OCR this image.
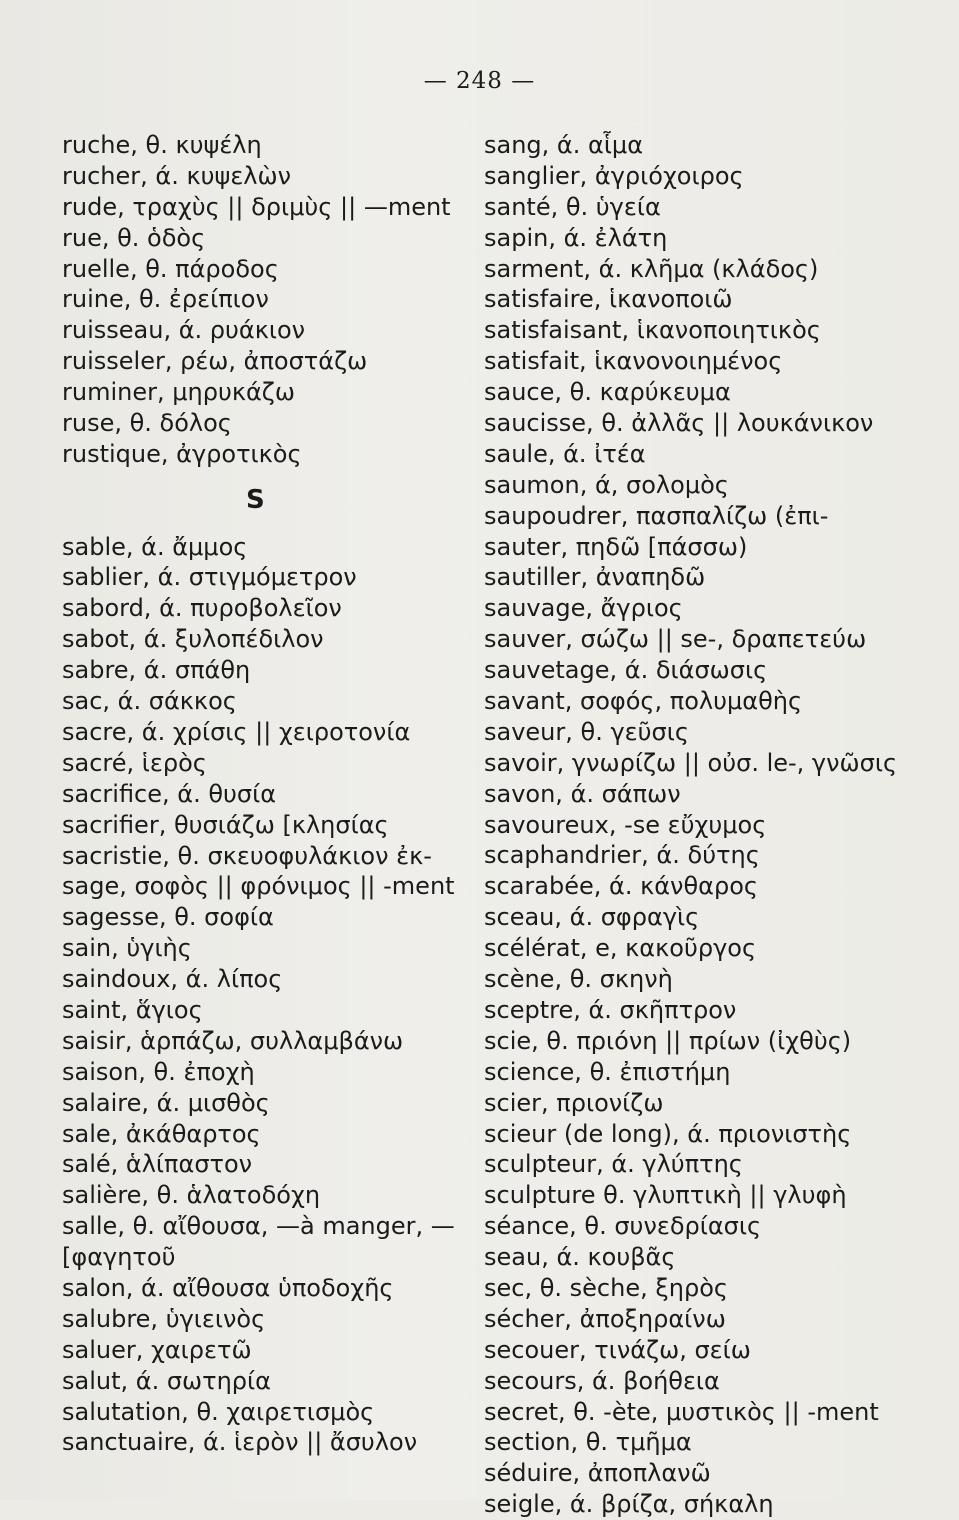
— 248 —
ruche, θ. κυψέλη
rucher, ά. κυψελὼν
rude, τραχὺς || δριμὺς || —ment
rue, θ. ὁδὸς
ruelle, θ. πάροδος
ruine, θ. ἐρείπιον
ruisseau, ά. ρυάκιον
ruisseler, ρέω, ἀποστάζω
ruminer, μηρυκάζω
ruse, θ. δόλος
rustique, ἀγροτικὸς
S
sable, ά. ἄμμος
sablier, ά. στιγμόμετρον
sabord, ά. πυροβολεῖον
sabot, ά. ξυλοπέδιλον
sabre, ά. σπάθη
sac, ά. σάκκος
sacre, ά. χρίσις || χειροτονία
sacré, ἱερὸς
sacrifice, ά. θυσία
sacrifier, θυσιάζω [κλησίας
sacristie, θ. σκευοφυλάκιον ἐκ-
sage, σοφὸς || φρόνιμος || -ment
sagesse, θ. σοφία
sain, ὑγιὴς
saindoux, ά. λίπος
saint, ἅγιος
saisir, ἁρπάζω, συλλαμβάνω
saison, θ. ἐποχὴ
salaire, ά. μισθὸς
sale, ἀκάθαρτος
salé, ἁλίπαστον
salière, θ. ἁλατοδόχη
salle, θ. αἴθουσα, —à manger, —
[φαγητοῦ
salon, ά. αἴθουσα ὑποδοχῆς
salubre, ὑγιεινὸς
saluer, χαιρετῶ
salut, ά. σωτηρία
salutation, θ. χαιρετισμὸς
sanctuaire, ά. ἱερὸν || ἄσυλον
sang, ά. αἷμα
sanglier, ἀγριόχοιρος
santé, θ. ὑγεία
sapin, ά. ἐλάτη
sarment, ά. κλῆμα (κλάδος)
satisfaire, ἱκανοποιῶ
satisfaisant, ἱκανοποιητικὸς
satisfait, ἱκανονοιημένος
sauce, θ. καρύκευμα
saucisse, θ. ἀλλᾶς || λουκάνικον
saule, ά. ἰτέα
saumon, ά, σολομὸς
saupoudrer, πασπαλίζω (ἐπι-
sauter, πηδῶ [πάσσω)
sautiller, ἀναπηδῶ
sauvage, ἄγριος
sauver, σώζω || se-, δραπετεύω
sauvetage, ά. διάσωσις
savant, σοφός, πολυμαθὴς
saveur, θ. γεῦσις
savoir, γνωρίζω || οὐσ. le-, γνῶσις
savon, ά. σάπων
savoureux, -se εὔχυμος
scaphandrier, ά. δύτης
scarabée, ά. κάνθαρος
sceau, ά. σφραγὶς
scélérat, e, κακοῦργος
scène, θ. σκηνὴ
sceptre, ά. σκῆπτρον
scie, θ. πριόνη || πρίων (ἰχθὺς)
science, θ. ἐπιστήμη
scier, πριονίζω
scieur (de long), ά. πριονιστὴς
sculpteur, ά. γλύπτης
sculpture θ. γλυπτικὴ || γλυφὴ
séance, θ. συνεδρίασις
seau, ά. κουβᾶς
sec, θ. sèche, ξηρὸς
sécher, ἀποξηραίνω
secouer, τινάζω, σείω
secours, ά. βοήθεια
secret, θ. -ète, μυστικὸς || -ment
section, θ. τμῆμα
séduire, ἀποπλανῶ
seigle, ά. βρίζα, σήκαλη
